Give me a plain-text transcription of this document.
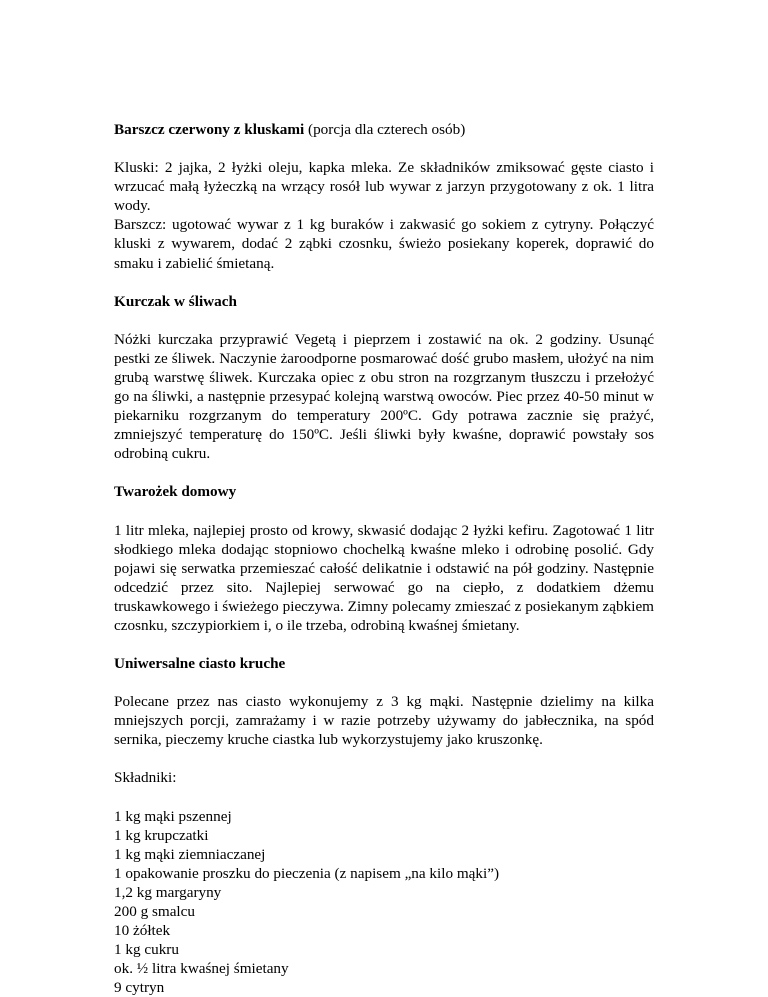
Barszcz czerwony z kluskami (porcja dla czterech osób)

Kluski: 2 jajka, 2 łyżki oleju, kapka mleka. Ze składników zmiksować gęste ciasto i wrzucać małą łyżeczką na wrzący rosół lub wywar z jarzyn przygotowany z ok. 1 litra wody.
Barszcz: ugotować wywar z 1 kg buraków i zakwasić go sokiem z cytryny. Połączyć kluski z wywarem, dodać 2 ząbki czosnku, świeżo posiekany koperek, doprawić do smaku i zabielić śmietaną.

Kurczak w śliwach

Nóżki kurczaka przyprawić Vegetą i pieprzem i zostawić na ok. 2 godziny. Usunąć pestki ze śliwek. Naczynie żaroodporne posmarować dość grubo masłem, ułożyć na nim grubą warstwę śliwek. Kurczaka opiec z obu stron na rozgrzanym tłuszczu i przełożyć go na śliwki, a następnie przesypać kolejną warstwą owoców. Piec przez 40-50 minut w piekarniku rozgrzanym do temperatury 200ºC. Gdy potrawa zacznie się prażyć, zmniejszyć temperaturę do 150ºC. Jeśli śliwki były kwaśne, doprawić powstały sos odrobiną cukru.

Twarożek domowy

1 litr mleka, najlepiej prosto od krowy, skwasić dodając 2 łyżki kefiru. Zagotować 1 litr słodkiego mleka dodając stopniowo chochelką kwaśne mleko i odrobinę posolić. Gdy pojawi się serwatka przemieszać całość delikatnie i odstawić na pół godziny. Następnie odcedzić przez sito. Najlepiej serwować go na ciepło, z dodatkiem dżemu truskawkowego i świeżego pieczywa. Zimny polecamy zmieszać z posiekanym ząbkiem czosnku, szczypiorkiem i, o ile trzeba, odrobiną kwaśnej śmietany.

Uniwersalne ciasto kruche

Polecane przez nas ciasto wykonujemy z 3 kg mąki. Następnie dzielimy na kilka mniejszych porcji, zamrażamy i w razie potrzeby używamy do jabłecznika, na spód sernika, pieczemy kruche ciastka lub wykorzystujemy jako kruszonkę.

Składniki:

1 kg mąki pszennej
1 kg krupczatki
1 kg mąki ziemniaczanej
1 opakowanie proszku do pieczenia (z napisem „na kilo mąki”)
1,2 kg margaryny
200 g smalcu
10 żółtek
1 kg cukru
ok. ½ litra kwaśnej śmietany
9 cytryn
